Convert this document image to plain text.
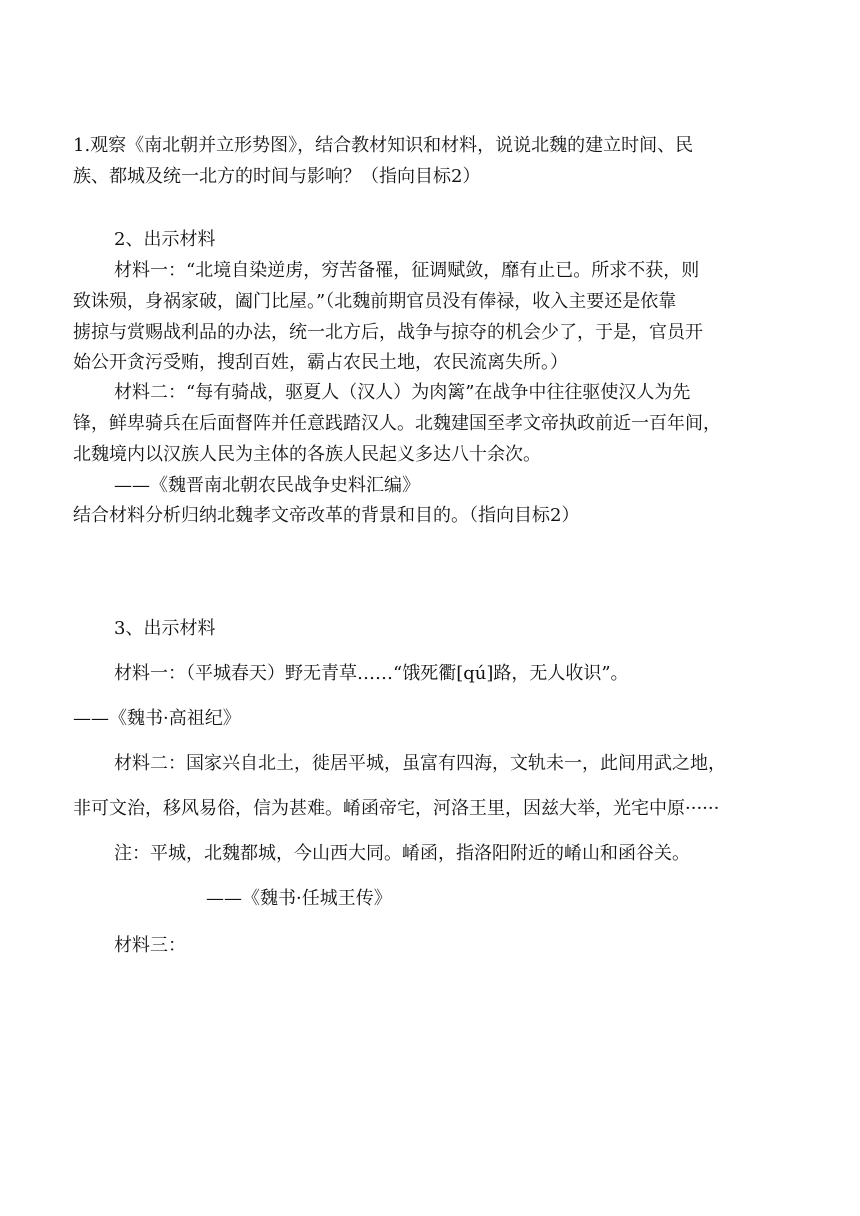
1.观察《南北朝并立形势图》，结合教材知识和材料，说说北魏的建立时间、民
族、都城及统一北方的时间与影响？（指向目标2）
2、出示材料
材料一：“北境自染逆虏，穷苦备罹，征调赋敛，靡有止已。所求不获，则
致诛殒，身祸家破，阖门比屋。”（北魏前期官员没有俸禄，收入主要还是依靠
掳掠与赏赐战利品的办法，统一北方后，战争与掠夺的机会少了，于是，官员开
始公开贪污受贿，搜刮百姓，霸占农民土地，农民流离失所。）
材料二：“每有骑战，驱夏人（汉人）为肉篱”在战争中往往驱使汉人为先
锋，鲜卑骑兵在后面督阵并任意践踏汉人。北魏建国至孝文帝执政前近一百年间，
北魏境内以汉族人民为主体的各族人民起义多达八十余次。
——《魏晋南北朝农民战争史料汇编》
结合材料分析归纳北魏孝文帝改革的背景和目的。（指向目标2）
3、出示材料
材料一：（平城春天）野无青草……“饿死衢[qú]路，无人收识”。
——《魏书·高祖纪》
材料二：国家兴自北土，徙居平城，虽富有四海，文轨未一，此间用武之地，
非可文治，移风易俗，信为甚难。崤函帝宅，河洛王里，因兹大举，光宅中原······
注：平城，北魏都城，今山西大同。崤函，指洛阳附近的崤山和函谷关。
——《魏书·任城王传》
材料三：
